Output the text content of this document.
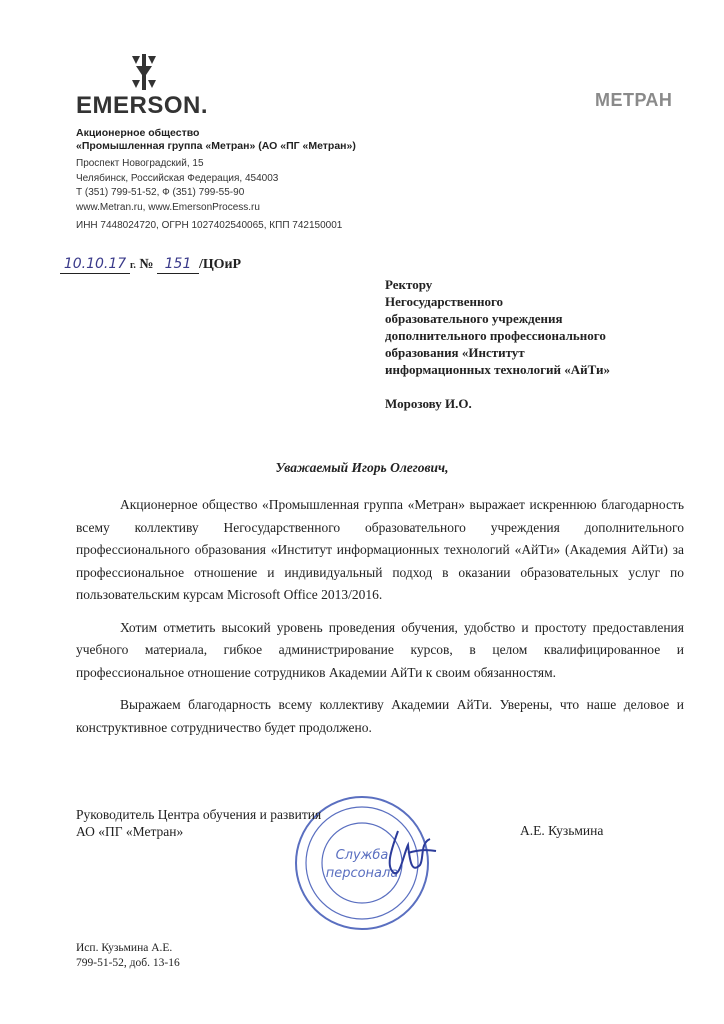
EMERSON.	МЕТРАН
Акционерное общество
«Промышленная группа «Метран» (АО «ПГ «Метран»)
Проспект Новоградский, 15
Челябинск, Российская Федерация, 454003
Т (351) 799-51-52, Ф (351) 799-55-90
www.Metran.ru, www.EmersonProcess.ru
ИНН 7448024720, ОГРН 1027402540065, КПП 742150001
10.10.17 г. № 151 /ЦОиР
Ректору
Негосударственного
образовательного учреждения
дополнительного профессионального
образования «Институт
информационных технологий «АйТи»
Морозову И.О.
Уважаемый Игорь Олегович,

Акционерное общество «Промышленная группа «Метран» выражает искреннюю благодарность всему коллективу Негосударственного образовательного учреждения дополнительного профессионального образования «Институт информационных технологий «АйТи» (Академия АйТи) за профессиональное отношение и индивидуальный подход в оказании образовательных услуг по пользовательским курсам Microsoft Office 2013/2016.

Хотим отметить высокий уровень проведения обучения, удобство и простоту предоставления учебного материала, гибкое администрирование курсов, в целом квалифицированное и профессиональное отношение сотрудников Академии АйТи к своим обязанностям.

Выражаем благодарность всему коллективу Академии АйТи. Уверены, что наше деловое и конструктивное сотрудничество будет продолжено.

Служба
персонала
Руководитель Центра обучения и развития
АО «ПГ «Метран»	А.Е. Кузьмина
Исп. Кузьмина А.Е.
799-51-52, доб. 13-16
